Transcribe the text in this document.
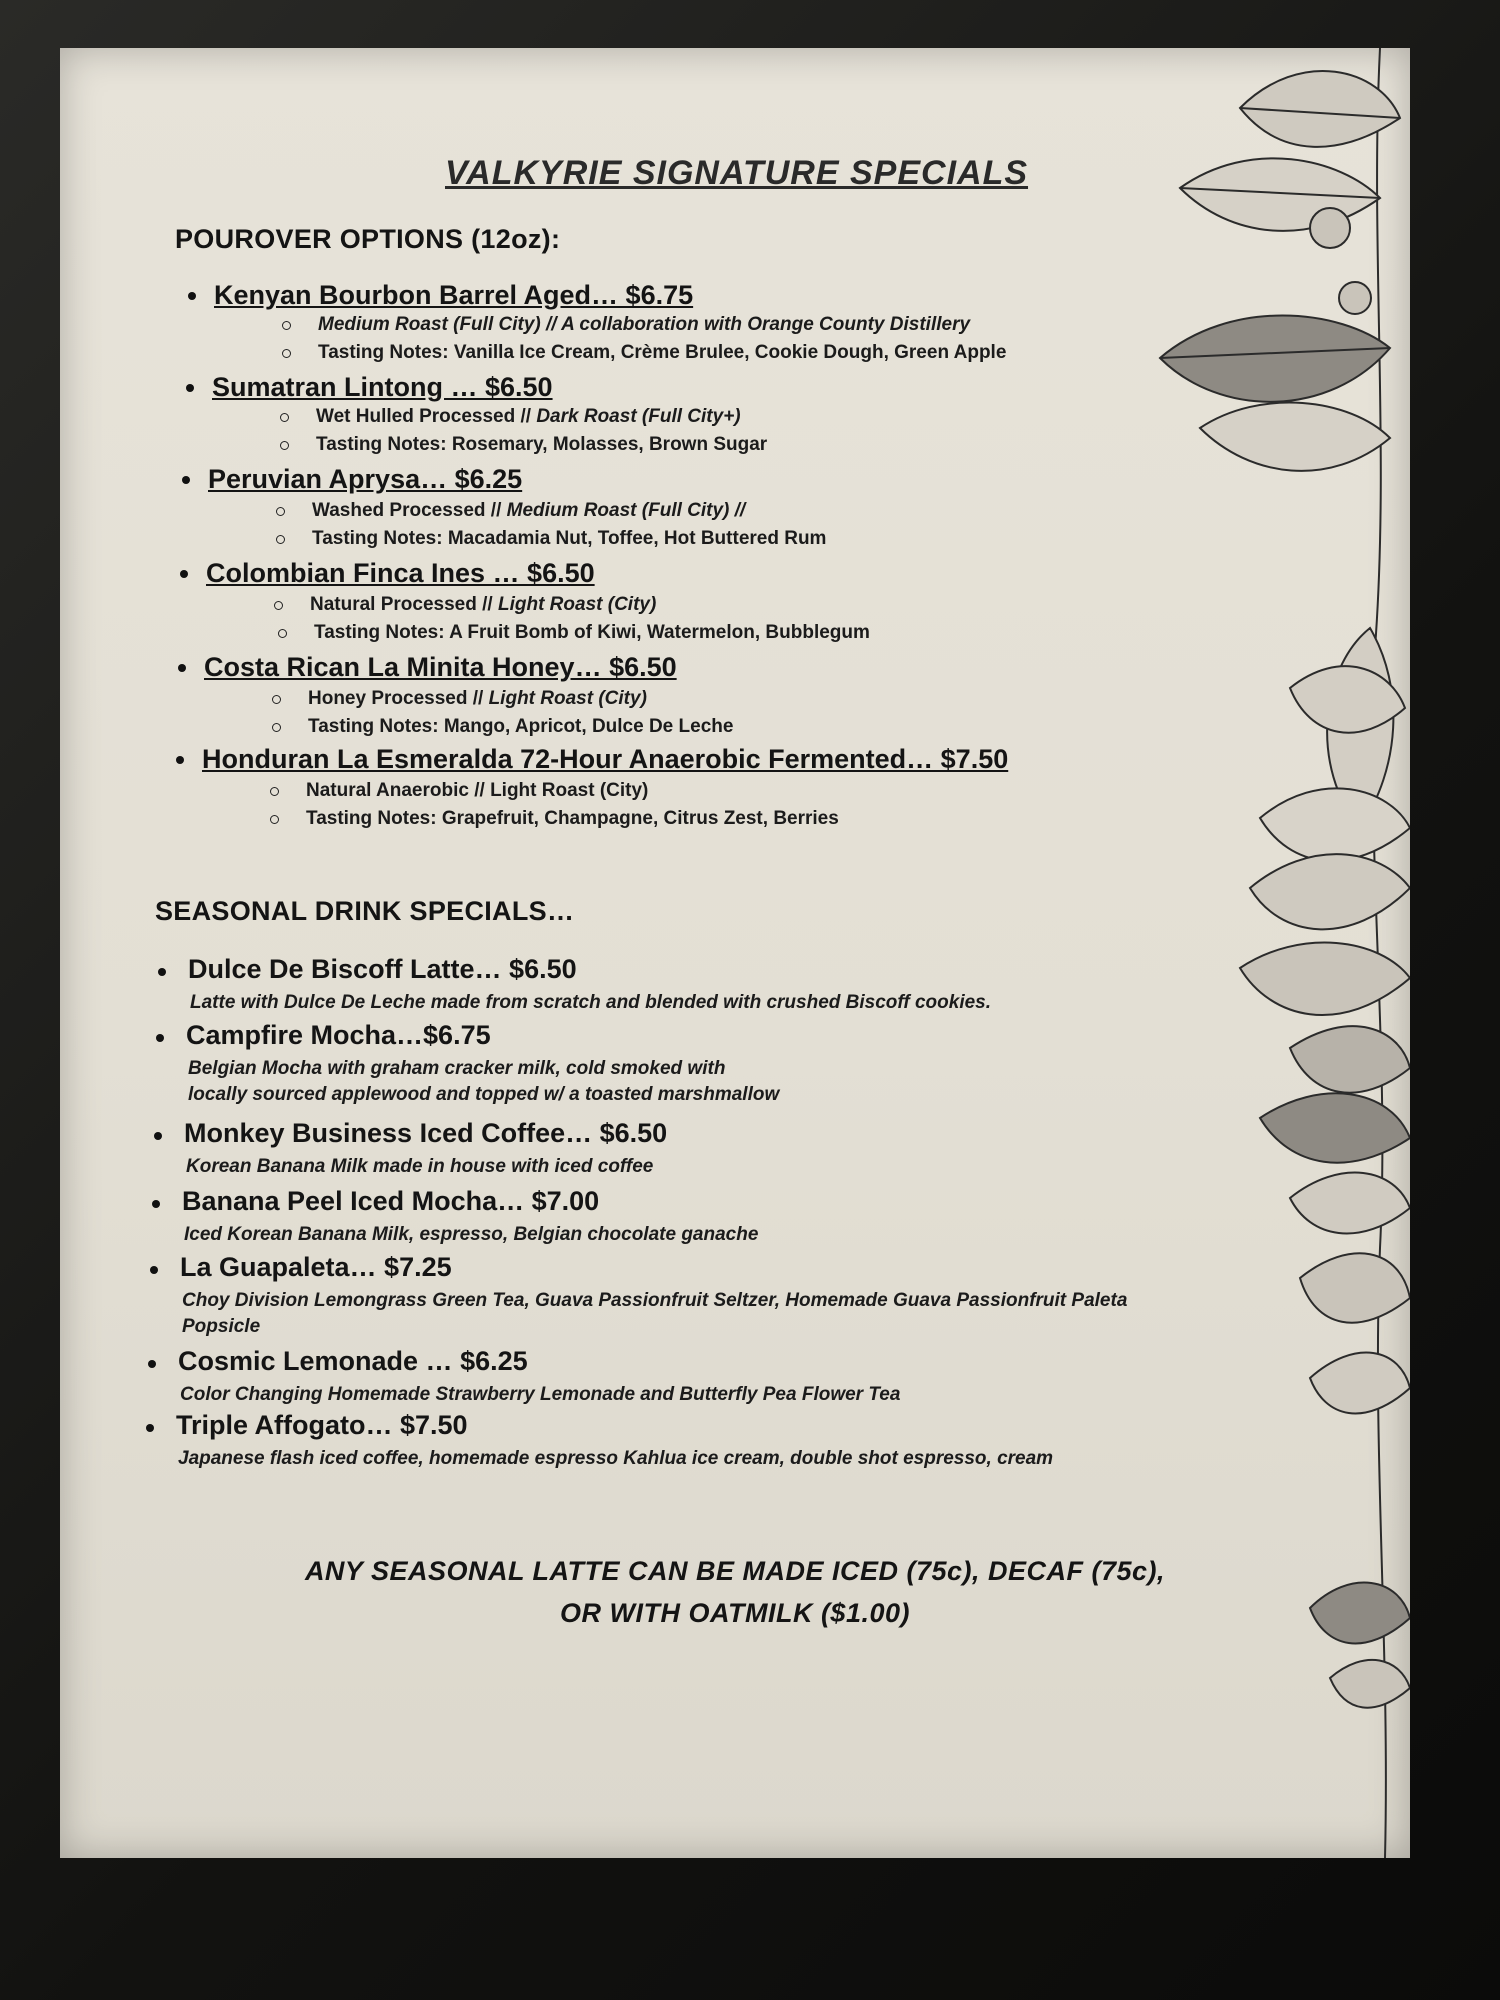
VALKYRIE SIGNATURE SPECIALS
POUROVER OPTIONS (12oz):
Kenyan Bourbon Barrel Aged… $6.75
Medium Roast (Full City) // A collaboration with Orange County Distillery
Tasting Notes: Vanilla Ice Cream, Crème Brulee, Cookie Dough, Green Apple
Sumatran Lintong … $6.50
Wet Hulled Processed // Dark Roast (Full City+)
Tasting Notes: Rosemary, Molasses, Brown Sugar
Peruvian Aprysa… $6.25
Washed Processed // Medium Roast (Full City) //
Tasting Notes: Macadamia Nut, Toffee, Hot Buttered Rum
Colombian Finca Ines … $6.50
Natural Processed // Light Roast (City)
Tasting Notes: A Fruit Bomb of Kiwi, Watermelon, Bubblegum
Costa Rican La Minita Honey… $6.50
Honey Processed // Light Roast (City)
Tasting Notes: Mango, Apricot, Dulce De Leche
Honduran La Esmeralda 72-Hour Anaerobic Fermented… $7.50
Natural Anaerobic // Light Roast (City)
Tasting Notes: Grapefruit, Champagne, Citrus Zest, Berries
SEASONAL DRINK SPECIALS…
Dulce De Biscoff Latte… $6.50
Latte with Dulce De Leche made from scratch and blended with crushed Biscoff cookies.
Campfire Mocha…$6.75
Belgian Mocha with graham cracker milk, cold smoked with
locally sourced applewood and topped w/ a toasted marshmallow
Monkey Business Iced Coffee… $6.50
Korean Banana Milk made in house with iced coffee
Banana Peel Iced Mocha… $7.00
Iced Korean Banana Milk, espresso, Belgian chocolate ganache
La Guapaleta… $7.25
Choy Division Lemongrass Green Tea, Guava Passionfruit Seltzer, Homemade Guava Passionfruit Paleta
Popsicle
Cosmic Lemonade … $6.25
Color Changing Homemade Strawberry Lemonade and Butterfly Pea Flower Tea
Triple Affogato… $7.50
Japanese flash iced coffee, homemade espresso Kahlua ice cream, double shot espresso, cream
ANY SEASONAL LATTE CAN BE MADE ICED (75c), DECAF (75c),
OR WITH OATMILK ($1.00)
